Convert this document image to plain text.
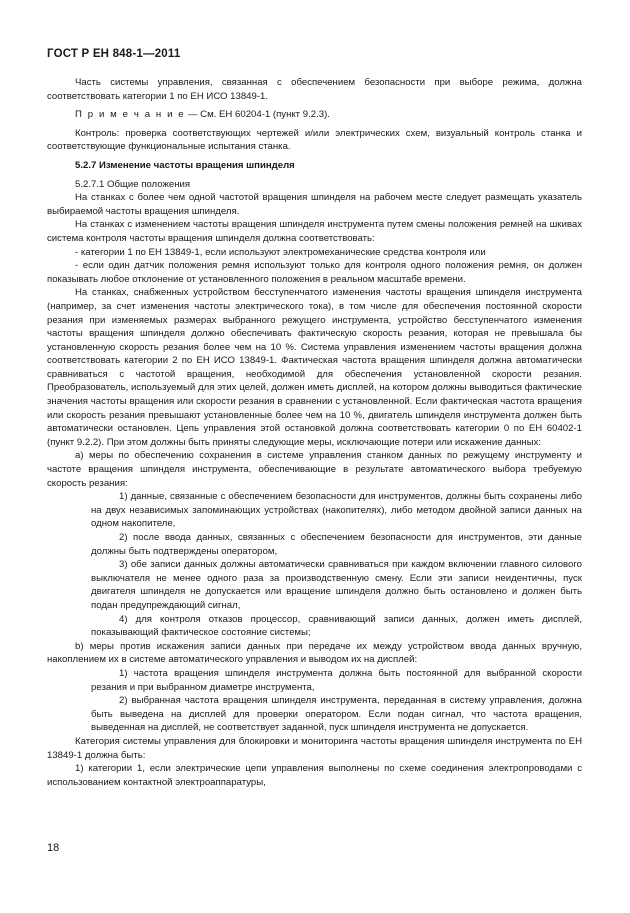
ГОСТ Р ЕН 848-1—2011

Часть системы управления, связанная с обеспечением безопасности при выборе режима, должна соответствовать категории 1 по ЕН ИСО 13849-1.

П р и м е ч а н и е — См. ЕН 60204-1 (пункт 9.2.3).

Контроль: проверка соответствующих чертежей и/или электрических схем, визуальный контроль станка и соответствующие функциональные испытания станка.

5.2.7 Изменение частоты вращения шпинделя

5.2.7.1 Общие положения

На станках с более чем одной частотой вращения шпинделя на рабочем месте следует размещать указатель выбираемой частоты вращения шпинделя.

На станках с изменением частоты вращения шпинделя инструмента путем смены положения ремней на шкивах система контроля частоты вращения шпинделя должна соответствовать:

- категории 1 по ЕН 13849-1, если используют электромеханические средства контроля или

- если один датчик положения ремня используют только для контроля одного положения ремня, он должен показывать любое отклонение от установленного положения в реальном масштабе времени.

На станках, снабженных устройством бесступенчатого изменения частоты вращения шпинделя инструмента (например, за счет изменения частоты электрического тока), в том числе для обеспечения постоянной скорости резания при изменяемых размерах выбранного режущего инструмента, устройство бесступенчатого изменения частоты вращения шпинделя должно обеспечивать фактическую скорость резания, которая не превышала бы установленную скорость резания более чем на 10 %. Система управления изменением частоты вращения должна соответствовать категории 2 по ЕН ИСО 13849-1. Фактическая частота вращения шпинделя должна автоматически сравниваться с частотой вращения, необходимой для обеспечения установленной скорости резания. Преобразователь, используемый для этих целей, должен иметь дисплей, на котором должны выводиться фактические значения частоты вращения или скорости резания в сравнении с установленной. Если фактическая частота вращения или скорость резания превышают установленные более чем на 10 %, двигатель шпинделя инструмента должен быть автоматически остановлен. Цепь управления этой остановкой должна соответствовать категории 0 по ЕН 60402-1 (пункт 9.2.2). При этом должны быть приняты следующие меры, исключающие потери или искажение данных:

а) меры по обеспечению сохранения в системе управления станком данных по режущему инструменту и частоте вращения шпинделя инструмента, обеспечивающие в результате автоматического выбора требуемую скорость резания:

1) данные, связанные с обеспечением безопасности для инструментов, должны быть сохранены либо на двух независимых запоминающих устройствах (накопителях), либо методом двойной записи данных на одном накопителе,

2) после ввода данных, связанных с обеспечением безопасности для инструментов, эти данные должны быть подтверждены оператором,

3) обе записи данных должны автоматически сравниваться при каждом включении главного силового выключателя не менее одного раза за производственную смену. Если эти записи неидентичны, пуск двигателя шпинделя не допускается или вращение шпинделя должно быть остановлено и должен быть подан предупреждающий сигнал,

4) для контроля отказов процессор, сравнивающий записи данных, должен иметь дисплей, показывающий фактическое состояние системы;

b) меры против искажения записи данных при передаче их между устройством ввода данных вручную, накоплением их в системе автоматического управления и выводом их на дисплей:

1) частота вращения шпинделя инструмента должна быть постоянной для выбранной скорости резания и при выбранном диаметре инструмента,

2) выбранная частота вращения шпинделя инструмента, переданная в систему управления, должна быть выведена на дисплей для проверки оператором. Если подан сигнал, что частота вращения, выведенная на дисплей, не соответствует заданной, пуск шпинделя инструмента не допускается.

Категория системы управления для блокировки и мониторинга частоты вращения шпинделя инструмента по ЕН 13849-1 должна быть:

1) категории 1, если электрические цепи управления выполнены по схеме соединения электропроводами с использованием контактной электроаппаратуры,

18
